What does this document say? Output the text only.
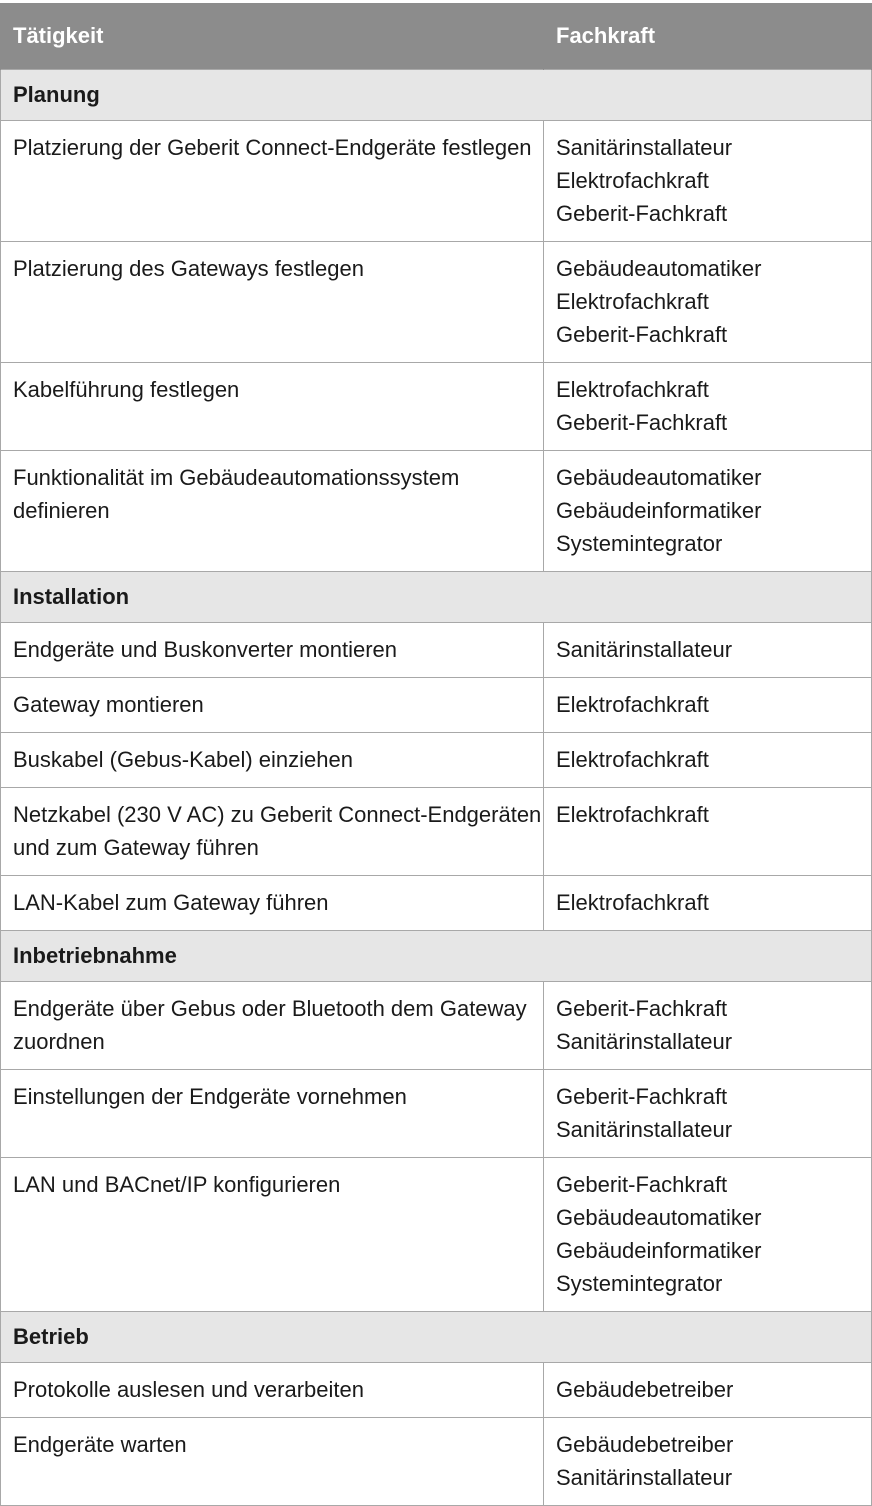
Tätigkeit	Fachkraft
Planung	

Platzierung der Geberit Connect-Endgeräte festlegen	Sanitärinstallateur
Elektrofachkraft
Geberit-Fachkraft

Platzierung des Gateways festlegen	Gebäudeautomatiker
Elektrofachkraft
Geberit-Fachkraft

Kabelführung festlegen	Elektrofachkraft
Geberit-Fachkraft

Funktionalität im Gebäudeautomationssystem
definieren	Gebäudeautomatiker
Gebäudeinformatiker
Systemintegrator

Installation	

Endgeräte und Buskonverter montieren	Sanitärinstallateur

Gateway montieren	Elektrofachkraft

Buskabel (Gebus-Kabel) einziehen	Elektrofachkraft

Netzkabel (230 V AC) zu Geberit Connect-Endgeräten
und zum Gateway führen	Elektrofachkraft

LAN-Kabel zum Gateway führen	Elektrofachkraft

Inbetriebnahme	

Endgeräte über Gebus oder Bluetooth dem Gateway
zuordnen	Geberit-Fachkraft
Sanitärinstallateur

Einstellungen der Endgeräte vornehmen	Geberit-Fachkraft
Sanitärinstallateur

LAN und BACnet/IP konfigurieren	Geberit-Fachkraft
Gebäudeautomatiker
Gebäudeinformatiker
Systemintegrator

Betrieb	

Protokolle auslesen und verarbeiten	Gebäudebetreiber

Endgeräte warten	Gebäudebetreiber
Sanitärinstallateur
